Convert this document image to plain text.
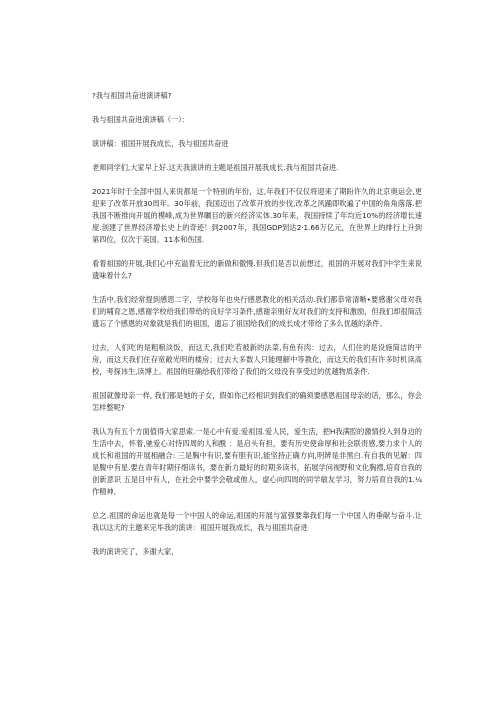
?我与祖国共奋进演讲稿?
我与祖国共奋进演讲稿（一）：
演讲稿：祖国开展我成长，我与祖国共奋进
老师同学们,大家早上好.这天我演讲的主题是祖国开展我成长.我与祖国共奋进.

2021年时于全部中国人来说都是一个特别的年份，这,年我们不仅仅将迎来了期盼许久的北京奥运会,更迎来了改革开放30周年。30年前，我国迈出了改革开放的步伐,改革之风踊即吹遍了中国的角角落落.把我国不断推向开展的模峰,成为世界瞩目的新兴经济实体.30年来，我国持续了年均近10%的经济增长速度.创建了世界经济增长史上的奇迹！到2007年，我国GDP到达2·1.66万亿元，在世界上的排行上升到第四位，仅次于美国、11本和伤国.

看着祖国的开展,我们心中充溢着无比的新做和傲慢.但我们是否以前想过，祖国的开展对我们中学生来说遗味着什么?

生活中,我们经常提到感恩二字，学校每年也央行感恩教化的相关活动.我们都恭常清晰•要感谢父母对我们的哺育之恩,感谢学校给我们带给的良好学习条件,感谢亲朋好友对我们的支持和激励，但我们却很简活遗忘了个感恩的对象就是我们的祖国，遗忘了祖国给我们的成长成才带给了多么优越的条件。

过去，人们吃的是粗粮淡饭，而这天,我们吃若被新的法菜,有鱼有肉：过去，人们住的是设施简洁的平房，而这天我们住存宽敞光明的楼房；过去大多数人只能理解中等教化，而这天的我们有许多时机读高校，考探讳生,读博上。祖国的旺确给我们带给了我们的父母没有享受过的优越物质条件.

祖国就像母亲一样, 我们都是她的子女，假如你己经相识到我们的确须要感恩祖国母亲的话，那么，你会怎样整呢?

我认为有五个方面值得大家思索.一是心中有爱.爱祖国.爱人民，爱生活，把H我满腔的激情投入到身边的生活中去，怀着,驰爱心对恃四周的人和酰 ：是启头有担，要有历史使命厚和社会联责感,要力求个人的成长和祖国的开展相融合: 三是胸中有识,要有胆有识,能坚持正确方向,明辨是非黑白.有自我的见解：四是腹中有星.要在青年时期仔细读书，要在新力最好的时期多读书，拓展学问视野和文化胸襟,培育自我的创新意识 五是目中有人，在社会中要学会敬或他人，虚心向四周的同学敏友学习，努力培育自我的1.¼作精神,

总之.祖国的命运也就是每一个中国人的命运,祖国的开展与富强要靠我们每一个中国人的垂献与奋斗.让我以这天的主邀来完毕我的演讲：祖国开展我成长，我与祖国共奋进

我的演讲完了，多谢大家，
